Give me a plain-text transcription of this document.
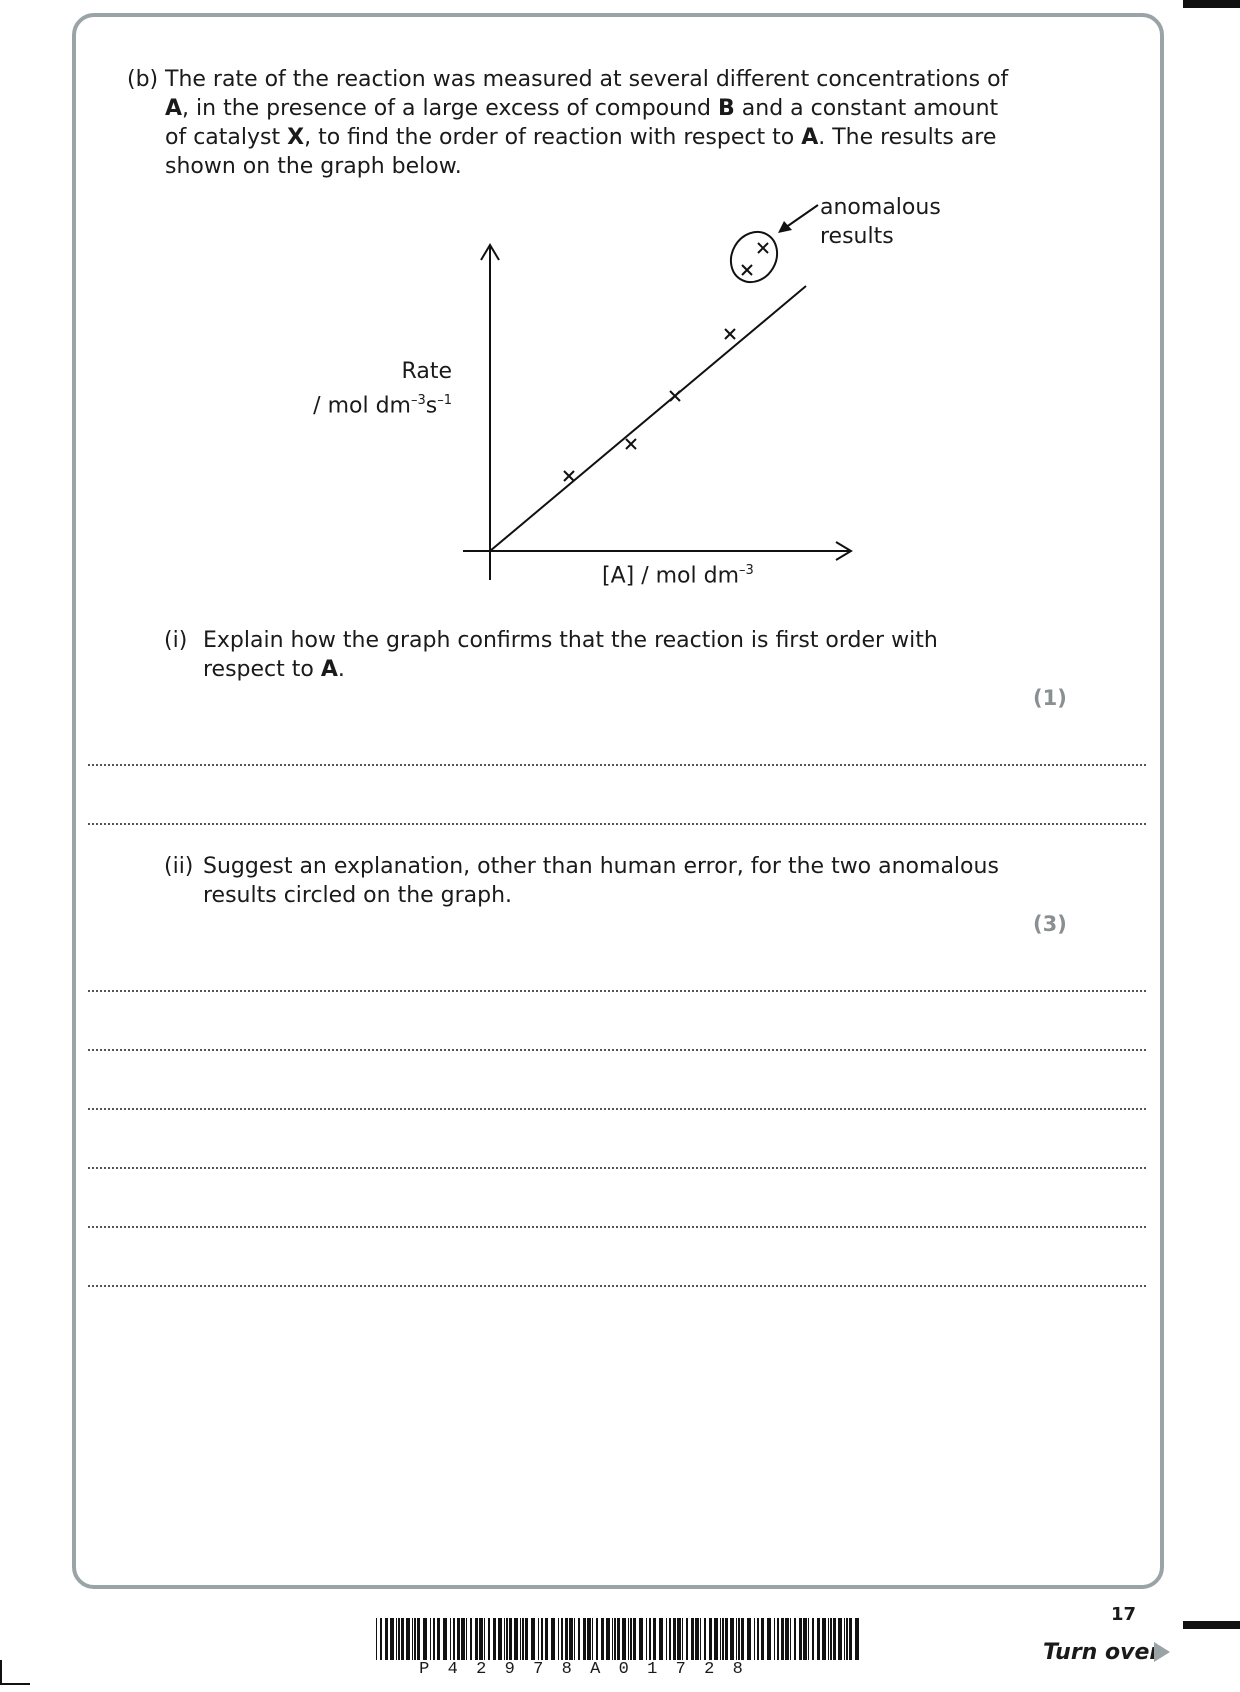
(b) The rate of the reaction was measured at several different concentrations of A, in the presence of a large excess of compound B and a constant amount of catalyst X, to find the order of reaction with respect to A. The results are shown on the graph below.
Rate
/ mol $dm^{-3}s^{-1}$
[A] / mol $dm^{-3}$
anomalous
results
(i) Explain how the graph confirms that the reaction is first order with respect to A.
(1)
(ii) Suggest an explanation, other than human error, for the two anomalous results circled on the graph.
(3)
P 4 2 9 7 8 A 0 1 7 2 8
17
Turn over
